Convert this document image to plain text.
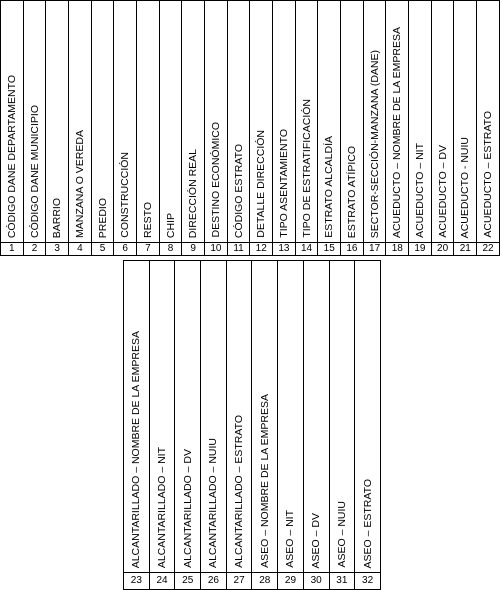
CÓDIGO DANE DEPARTAMENTO	CÓDIGO DANE MUNICIPIO	BARRIO	MANZANA O VEREDA	PREDIO	CONSTRUCCIÓN	RESTO	CHIP	DIRECCIÓN REAL	DESTINO ECONÓMICO	CÓDIGO ESTRATO	DETALLE DIRECCIÓN	TIPO ASENTAMIENTO	TIPO DE ESTRATIFICACIÓN	ESTRATO ALCALDÍA	ESTRATO ATÍPICO	SECTOR-SECCIÓN-MANZANA (DANE)	ACUEDUCTO – NOMBRE DE LA EMPRESA	ACUEDUCTO – NIT	ACUEDUCTO – DV	ACUEDUCTO - NUIU	ACUEDUCTO – ESTRATO

1	2	3	4	5	6	7	8	9	10	11	12	13	14	15	16	17	18	19	20	21	22
ALCANTARILLADO – NOMBRE DE LA EMPRESA	ALCANTARILLADO – NIT	ALCANTARILLADO – DV	ALCANTARILLADO – NUIU	ALCANTARILLADO – ESTRATO	ASEO – NOMBRE DE LA EMPRESA	ASEO – NIT	ASEO – DV	ASEO – NUIU	ASEO – ESTRATO

23	24	25	26	27	28	29	30	31	32
